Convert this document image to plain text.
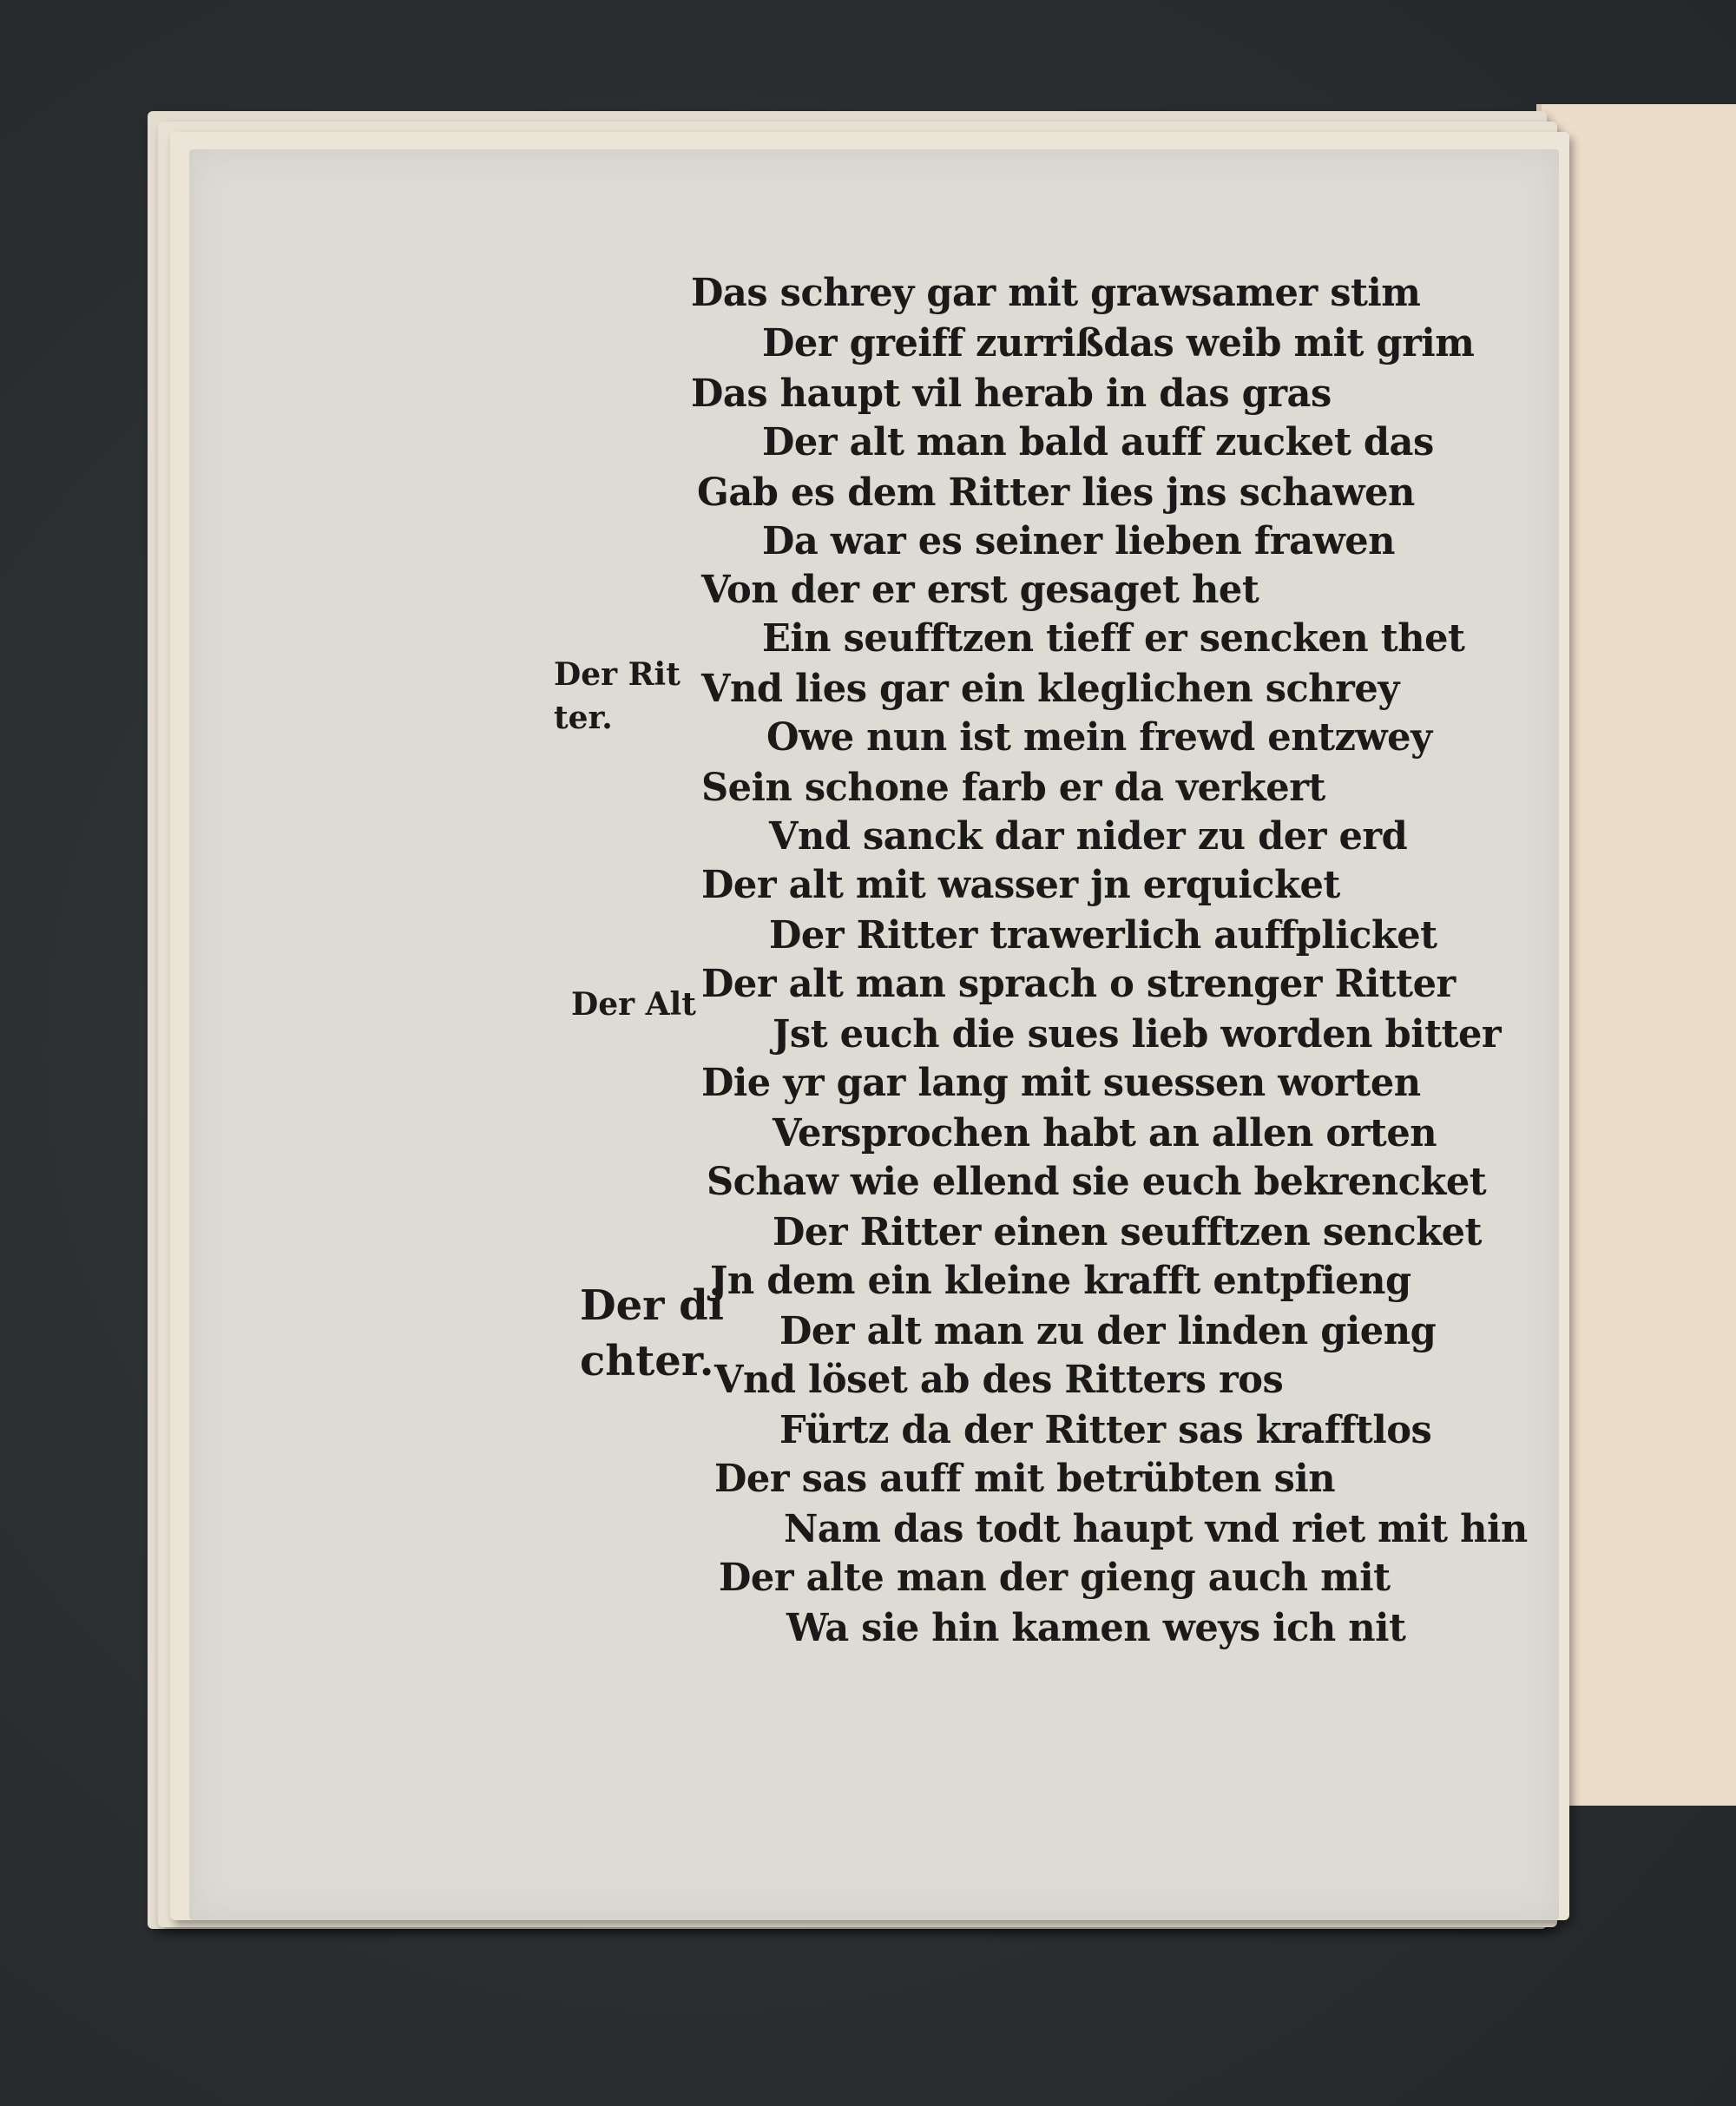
Das schrey gar mit grawsamer stim
Der greiff zurrißdas weib mit grim
Das haupt vil herab in das gras
Der alt man bald auff zucket das
Gab es dem Ritter lies jns schawen
Da war es seiner lieben frawen
Von der er erst gesaget het
Ein seufftzen tieff er sencken thet
Vnd lies gar ein kleglichen schrey
Owe nun ist mein frewd entzwey
Sein schone farb er da verkert
Vnd sanck dar nider zu der erd
Der alt mit wasser jn erquicket
Der Ritter trawerlich auffplicket
Der alt man sprach o strenger Ritter
Jst euch die sues lieb worden bitter
Die yr gar lang mit suessen worten
Versprochen habt an allen orten
Schaw wie ellend sie euch bekrencket
Der Ritter einen seufftzen sencket
Jn dem ein kleine krafft entpfieng
Der alt man zu der linden gieng
Vnd löset ab des Ritters ros
Fürtz da der Ritter sas krafftlos
Der sas auff mit betrübten sin
Nam das todt haupt vnd riet mit hin
Der alte man der gieng auch mit
Wa sie hin kamen weys ich nit
Der Rit
ter.
Der Alt
Der di
chter.
